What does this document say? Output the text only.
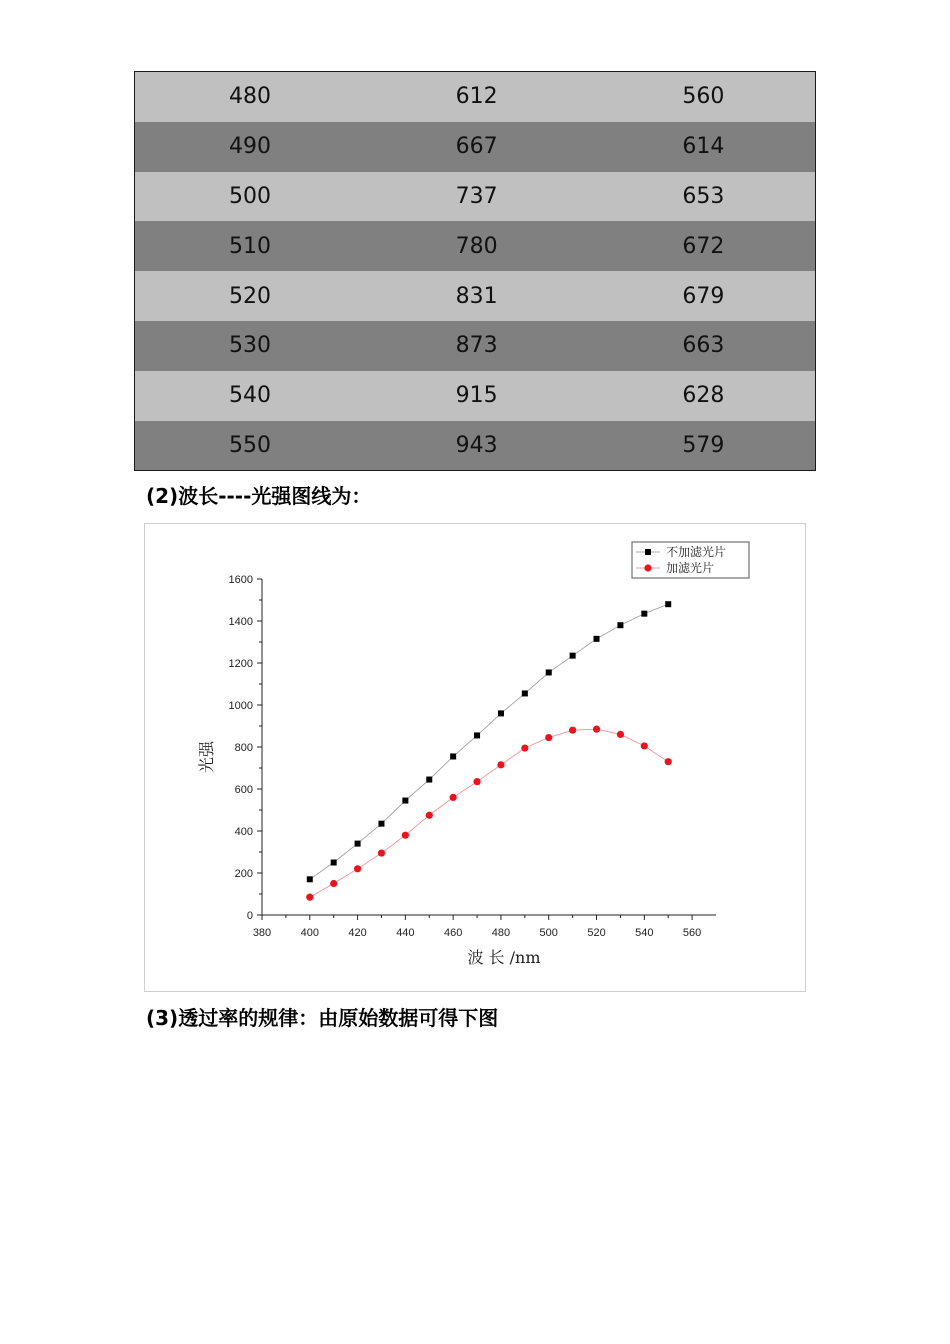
480	612	560
490	667	614
500	737	653
510	780	672
520	831	679
530	873	663
540	915	628
550	943	579
(2)波长----光强图线为：
380	400	420	440	460	480	500	520	540	560
0
200
400
600
800
1000
1200
1400
1600
波 长 /nm
光强
不加滤光片
加滤光片
(3)透过率的规律：由原始数据可得下图
